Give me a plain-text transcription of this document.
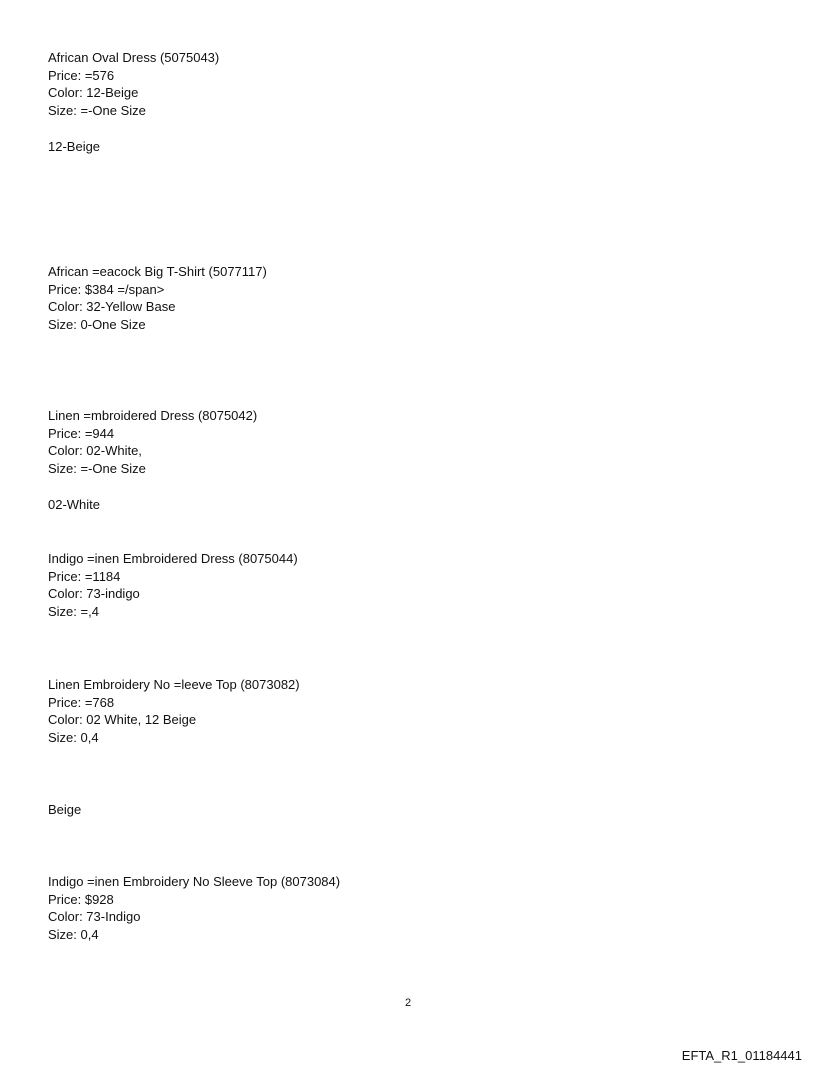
African Oval Dress (5075043)
Price: =576
Color: 12-Beige
Size: =-One Size
12-Beige
African =eacock Big T-Shirt (5077117)
Price: $384 =/span>
Color: 32-Yellow Base
Size: 0-One Size
Linen =mbroidered Dress (8075042)
Price: =944
Color: 02-White,
Size: =-One Size
02-White
Indigo =inen Embroidered Dress (8075044)
Price: =1184
Color: 73-indigo
Size: =,4
Linen Embroidery No =leeve Top (8073082)
Price: =768
Color: 02 White, 12 Beige
Size: 0,4
Beige
Indigo =inen Embroidery No Sleeve Top (8073084)
Price: $928
Color: 73-Indigo
Size: 0,4
2
EFTA_R1_01184441
